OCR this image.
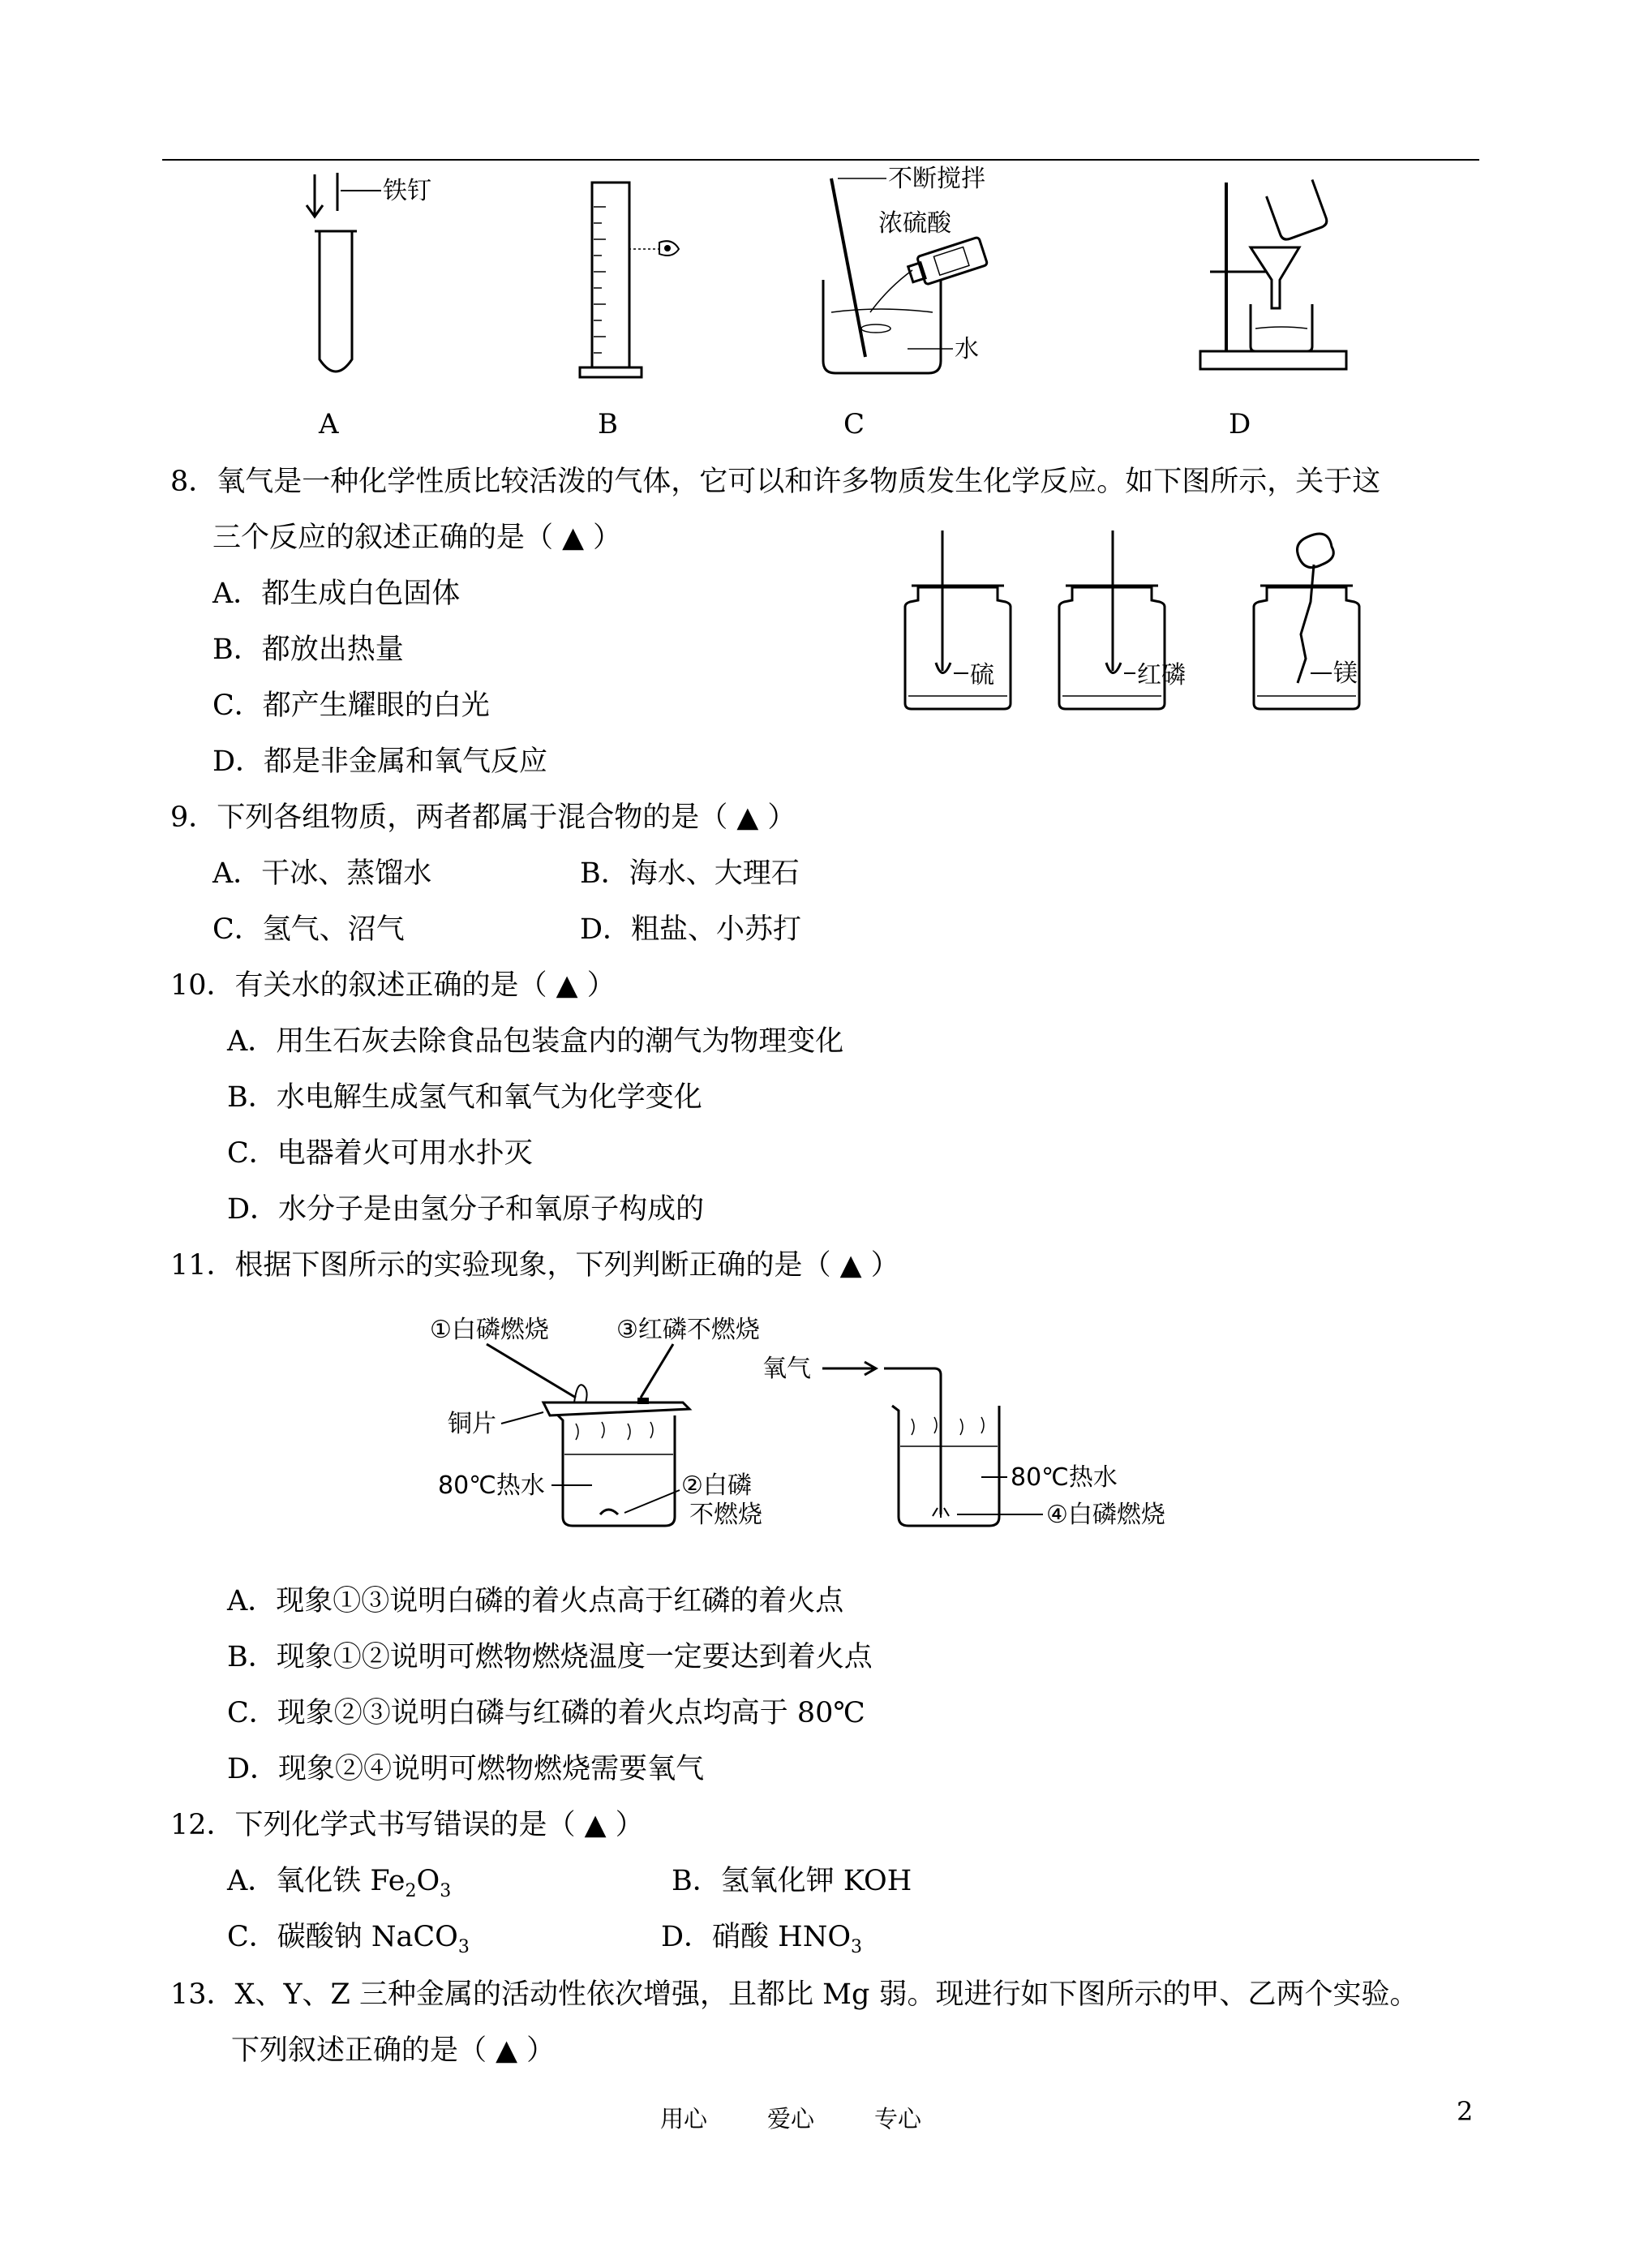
铁钉	不断搅拌
浓硫酸
水
A	B	C	D
8．氧气是一种化学性质比较活泼的气体，它可以和许多物质发生化学反应。如下图所示，关于这
三个反应的叙述正确的是（ ▲ ）
A．都生成白色固体
B．都放出热量
C．都产生耀眼的白光
D．都是非金属和氧气反应
硫	红磷	镁
9．下列各组物质，两者都属于混合物的是（ ▲ ）
A．干冰、蒸馏水	B．海水、大理石
C．氢气、沼气	D．粗盐、小苏打
10．有关水的叙述正确的是（ ▲ ）
A．用生石灰去除食品包装盒内的潮气为物理变化
B．水电解生成氢气和氧气为化学变化
C．电器着火可用水扑灭
D．水分子是由氢分子和氧原子构成的
11．根据下图所示的实验现象，下列判断正确的是（ ▲ ）
①白磷燃烧	③红磷不燃烧
铜片
80℃热水	②白磷
不燃烧
氧气
80℃热水
④白磷燃烧
A．现象①③说明白磷的着火点高于红磷的着火点
B．现象①②说明可燃物燃烧温度一定要达到着火点
C．现象②③说明白磷与红磷的着火点均高于 80℃
D．现象②④说明可燃物燃烧需要氧气
12．下列化学式书写错误的是（ ▲ ）
A．氧化铁 $Fe_2O_3$	B．氢氧化钾 KOH
C．碳酸钠 NaCO$_3$	D．硝酸 $HNO_3$
13．X、Y、Z 三种金属的活动性依次增强，且都比 Mg 弱。现进行如下图所示的甲、乙两个实验。
下列叙述正确的是（ ▲ ）
用心	爱心	专心	2
